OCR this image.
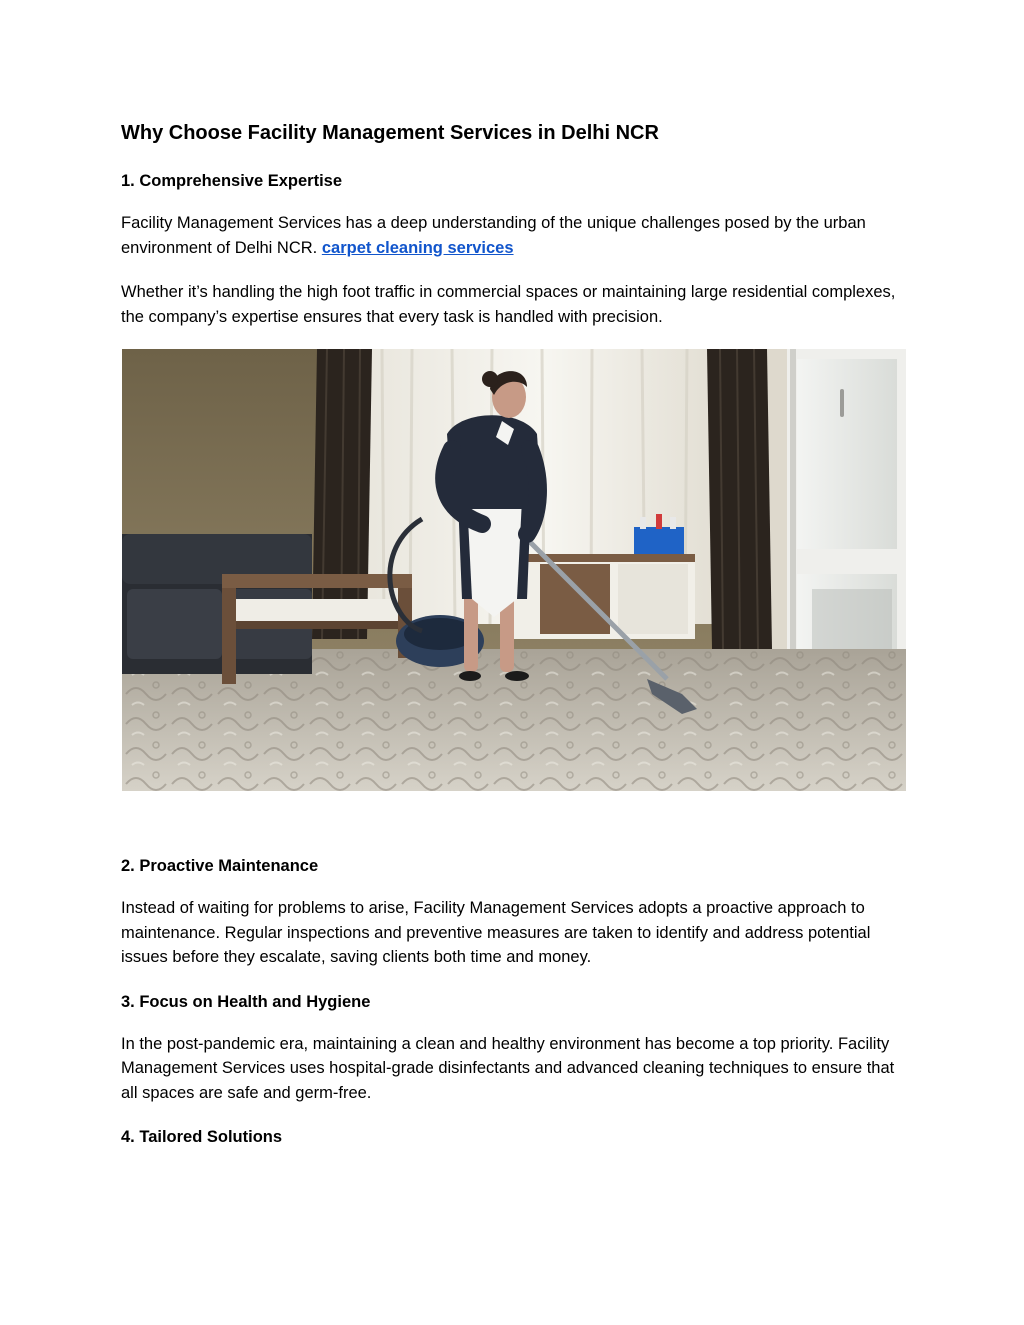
Why Choose Facility Management Services in Delhi NCR
1. Comprehensive Expertise

Facility Management Services has a deep understanding of the unique challenges posed by the urban environment of Delhi NCR. carpet cleaning services

Whether it’s handling the high foot traffic in commercial spaces or maintaining large residential complexes, the company’s expertise ensures that every task is handled with precision.

2. Proactive Maintenance

Instead of waiting for problems to arise, Facility Management Services adopts a proactive approach to maintenance. Regular inspections and preventive measures are taken to identify and address potential issues before they escalate, saving clients both time and money.

3. Focus on Health and Hygiene

In the post-pandemic era, maintaining a clean and healthy environment has become a top priority. Facility Management Services uses hospital-grade disinfectants and advanced cleaning techniques to ensure that all spaces are safe and germ-free.

4. Tailored Solutions
